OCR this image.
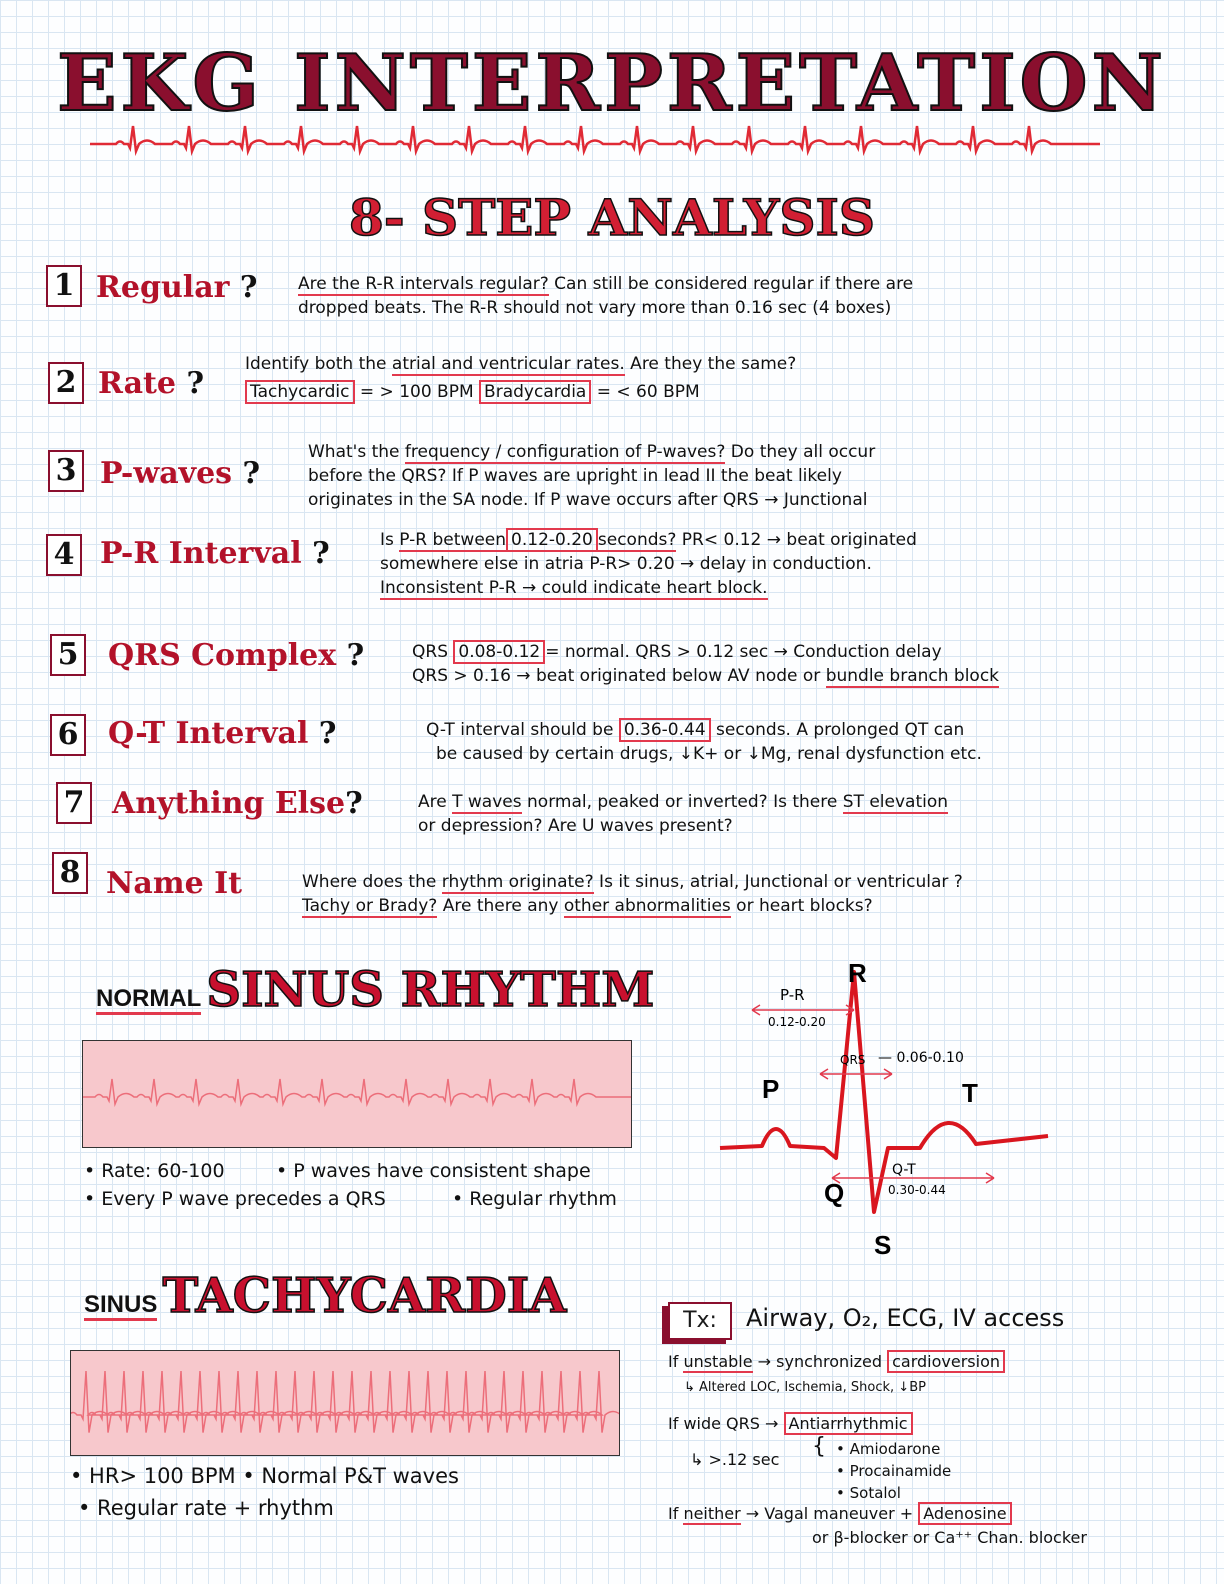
EKG INTERPRETATION
8- STEP ANALYSIS
1 Regular ? Are the R-R intervals regular? Can still be considered regular if there are
dropped beats. The R-R should not vary more than 0.16 sec (4 boxes)
2 Rate ?
Identify both the atrial and ventricular rates. Are they the same?
Tachycardic = > 100 BPM Bradycardia = < 60 BPM
3 P-waves ?
What's the frequency / configuration of P-waves? Do they all occur
before the QRS? If P waves are upright in lead II the beat likely
originates in the SA node. If P wave occurs after QRS → Junctional
4 P-R Interval ?	Is P-R between 0.12-0.20 seconds? PR< 0.12 → beat originated
somewhere else in atria P-R> 0.20 → delay in conduction.
Inconsistent P-R → could indicate heart block.
5 QRS Complex ?	QRS 0.08-0.12 = normal. QRS > 0.12 sec → Conduction delay
QRS > 0.16 → beat originated below AV node or bundle branch block
6 Q-T Interval ?	Q-T interval should be 0.36-0.44 seconds. A prolonged QT can
be caused by certain drugs, ↓K+ or ↓Mg, renal dysfunction etc.
7 Anything Else?	Are T waves normal, peaked or inverted? Is there ST elevation
or depression? Are U waves present?
8 Name It	Where does the rhythm originate? Is it sinus, atrial, Junctional or ventricular ?
Tachy or Brady? Are there any other abnormalities or heart blocks?
NORMAL SINUS RHYTHM
• Rate: 60-100	• P waves have consistent shape
• Every P wave precedes a QRS	• Regular rhythm
R
P	T
Q
S
P-R
0.12-0.20
QRS — 0.06-0.10
Q-T
0.30-0.44
SINUS TACHYCARDIA
• HR> 100 BPM • Normal P&T waves
• Regular rate + rhythm
Tx:	Airway, O₂, ECG, IV access
If unstable → synchronized cardioversion
↳ Altered LOC, Ischemia, Shock, ↓BP
If wide QRS → Antiarrhythmic
↳ >.12 sec
{ • Amiodarone
• Procainamide
• Sotalol
If neither → Vagal maneuver + Adenosine
or β-blocker or Ca⁺⁺ Chan. blocker
